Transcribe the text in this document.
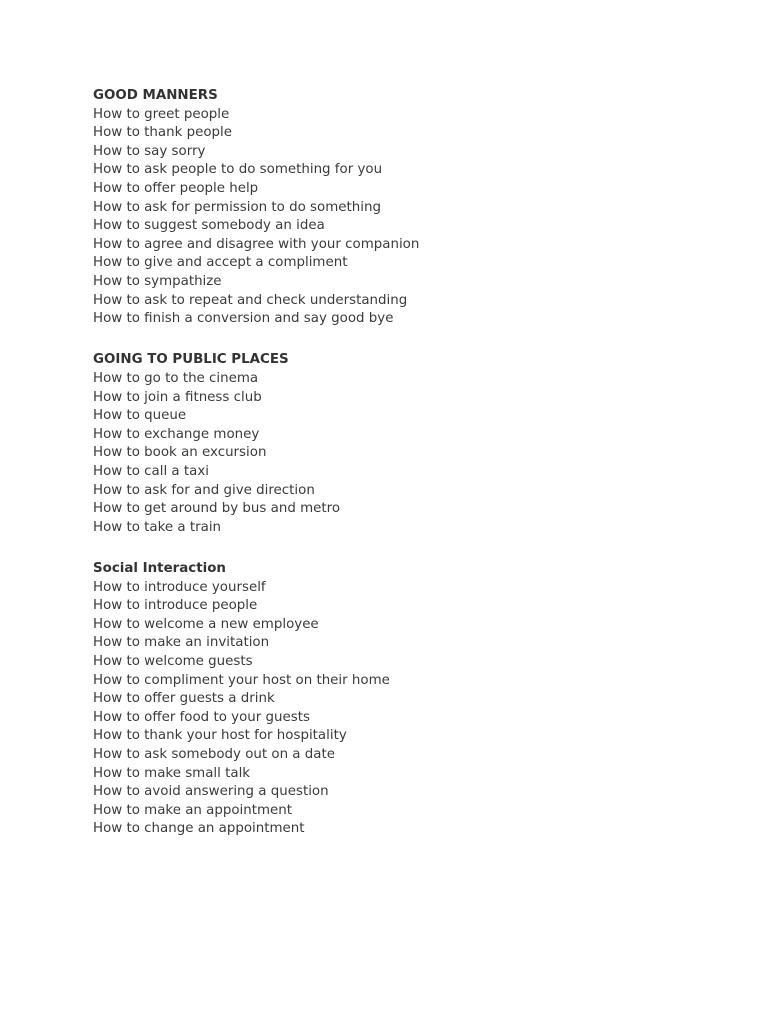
GOOD MANNERS
How to greet people
How to thank people
How to say sorry
How to ask people to do something for you
How to offer people help
How to ask for permission to do something
How to suggest somebody an idea
How to agree and disagree with your companion
How to give and accept a compliment
How to sympathize
How to ask to repeat and check understanding
How to finish a conversion and say good bye
GOING TO PUBLIC PLACES
How to go to the cinema
How to join a fitness club
How to queue
How to exchange money
How to book an excursion
How to call a taxi
How to ask for and give direction
How to get around by bus and metro
How to take a train
Social Interaction
How to introduce yourself
How to introduce people
How to welcome a new employee
How to make an invitation
How to welcome guests
How to compliment your host on their home
How to offer guests a drink
How to offer food to your guests
How to thank your host for hospitality
How to ask somebody out on a date
How to make small talk
How to avoid answering a question
How to make an appointment
How to change an appointment
